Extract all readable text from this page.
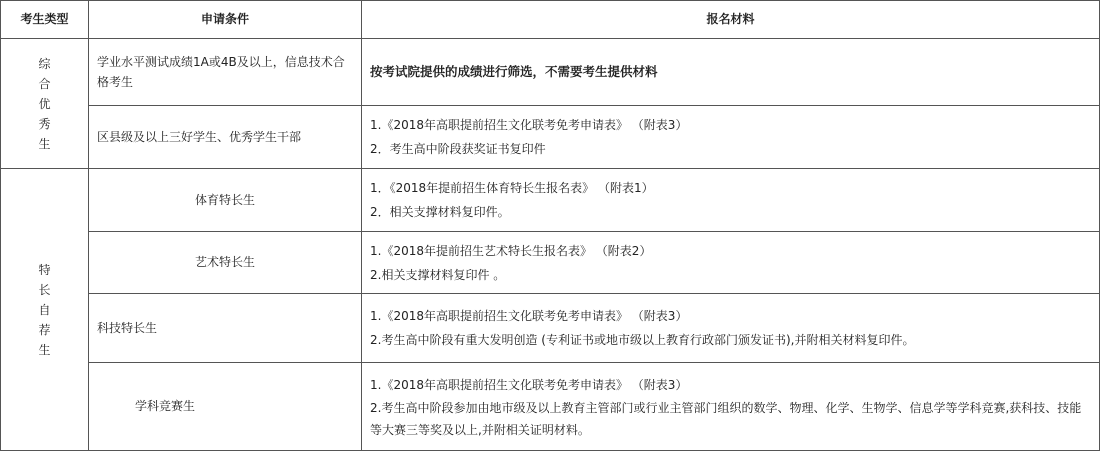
考生类型	申请条件	报名材料

综
合
优
秀
生	学业水平测试成绩1A或4B及以上，信息技术合格考生	按考试院提供的成绩进行筛选，不需要考生提供材料

	区县级及以上三好学生、优秀学生干部	1.《2018年高职提前招生文化联考免考申请表》 （附表3）
2．考生高中阶段获奖证书复印件

特
长
自
荐
生	体育特长生	1．《2018年提前招生体育特长生报名表》 （附表1）
2．相关支撑材料复印件。

	艺术特长生	1.《2018年提前招生艺术特长生报名表》 （附表2）
2.相关支撑材料复印件 。

	科技特长生	1.《2018年高职提前招生文化联考免考申请表》 （附表3）
2.考生高中阶段有重大发明创造 (专利证书或地市级以上教育行政部门颁发证书),并附相关材料复印件。

	学科竞赛生	1.《2018年高职提前招生文化联考免考申请表》 （附表3）
2.考生高中阶段参加由地市级及以上教育主管部门或行业主管部门组织的数学、物理、化学、生物学、信息学等学科竞赛,获科技、技能等大赛三等奖及以上,并附相关证明材料。
